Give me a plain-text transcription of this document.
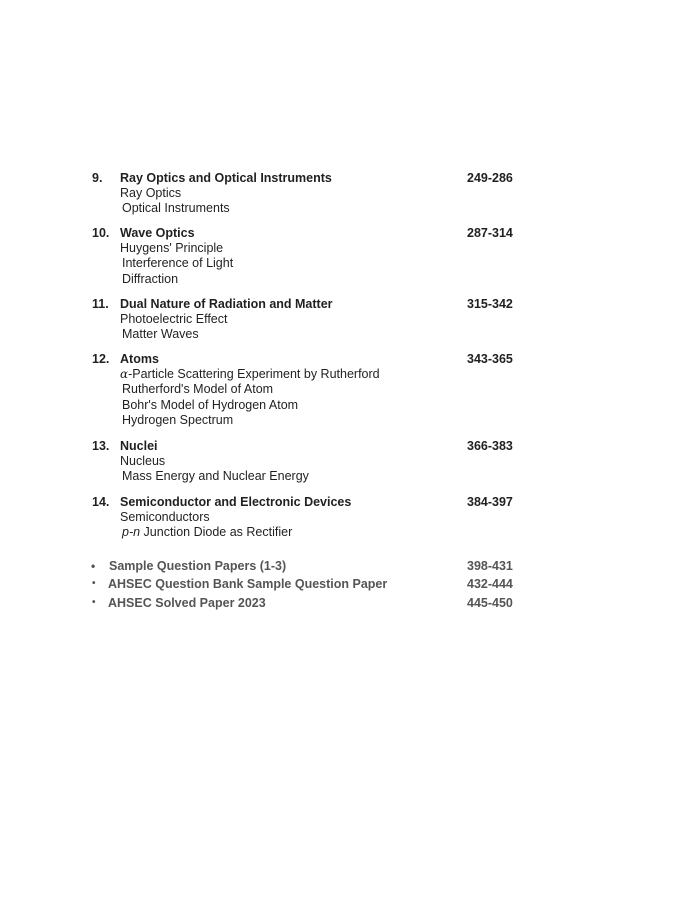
9. Ray Optics and Optical Instruments	249-286
Ray Optics
Optical Instruments
10. Wave Optics	287-314
Huygens' Principle
Interference of Light
Diffraction
11. Dual Nature of Radiation and Matter	315-342
Photoelectric Effect
Matter Waves
12. Atoms	343-365
α-Particle Scattering Experiment by Rutherford
Rutherford's Model of Atom
Bohr's Model of Hydrogen Atom
Hydrogen Spectrum
13. Nuclei	366-383
Nucleus
Mass Energy and Nuclear Energy
14. Semiconductor and Electronic Devices	384-397
Semiconductors
p-n Junction Diode as Rectifier
• Sample Question Papers (1-3)	398-431
• AHSEC Question Bank Sample Question Paper	432-444
• AHSEC Solved Paper 2023	445-450
